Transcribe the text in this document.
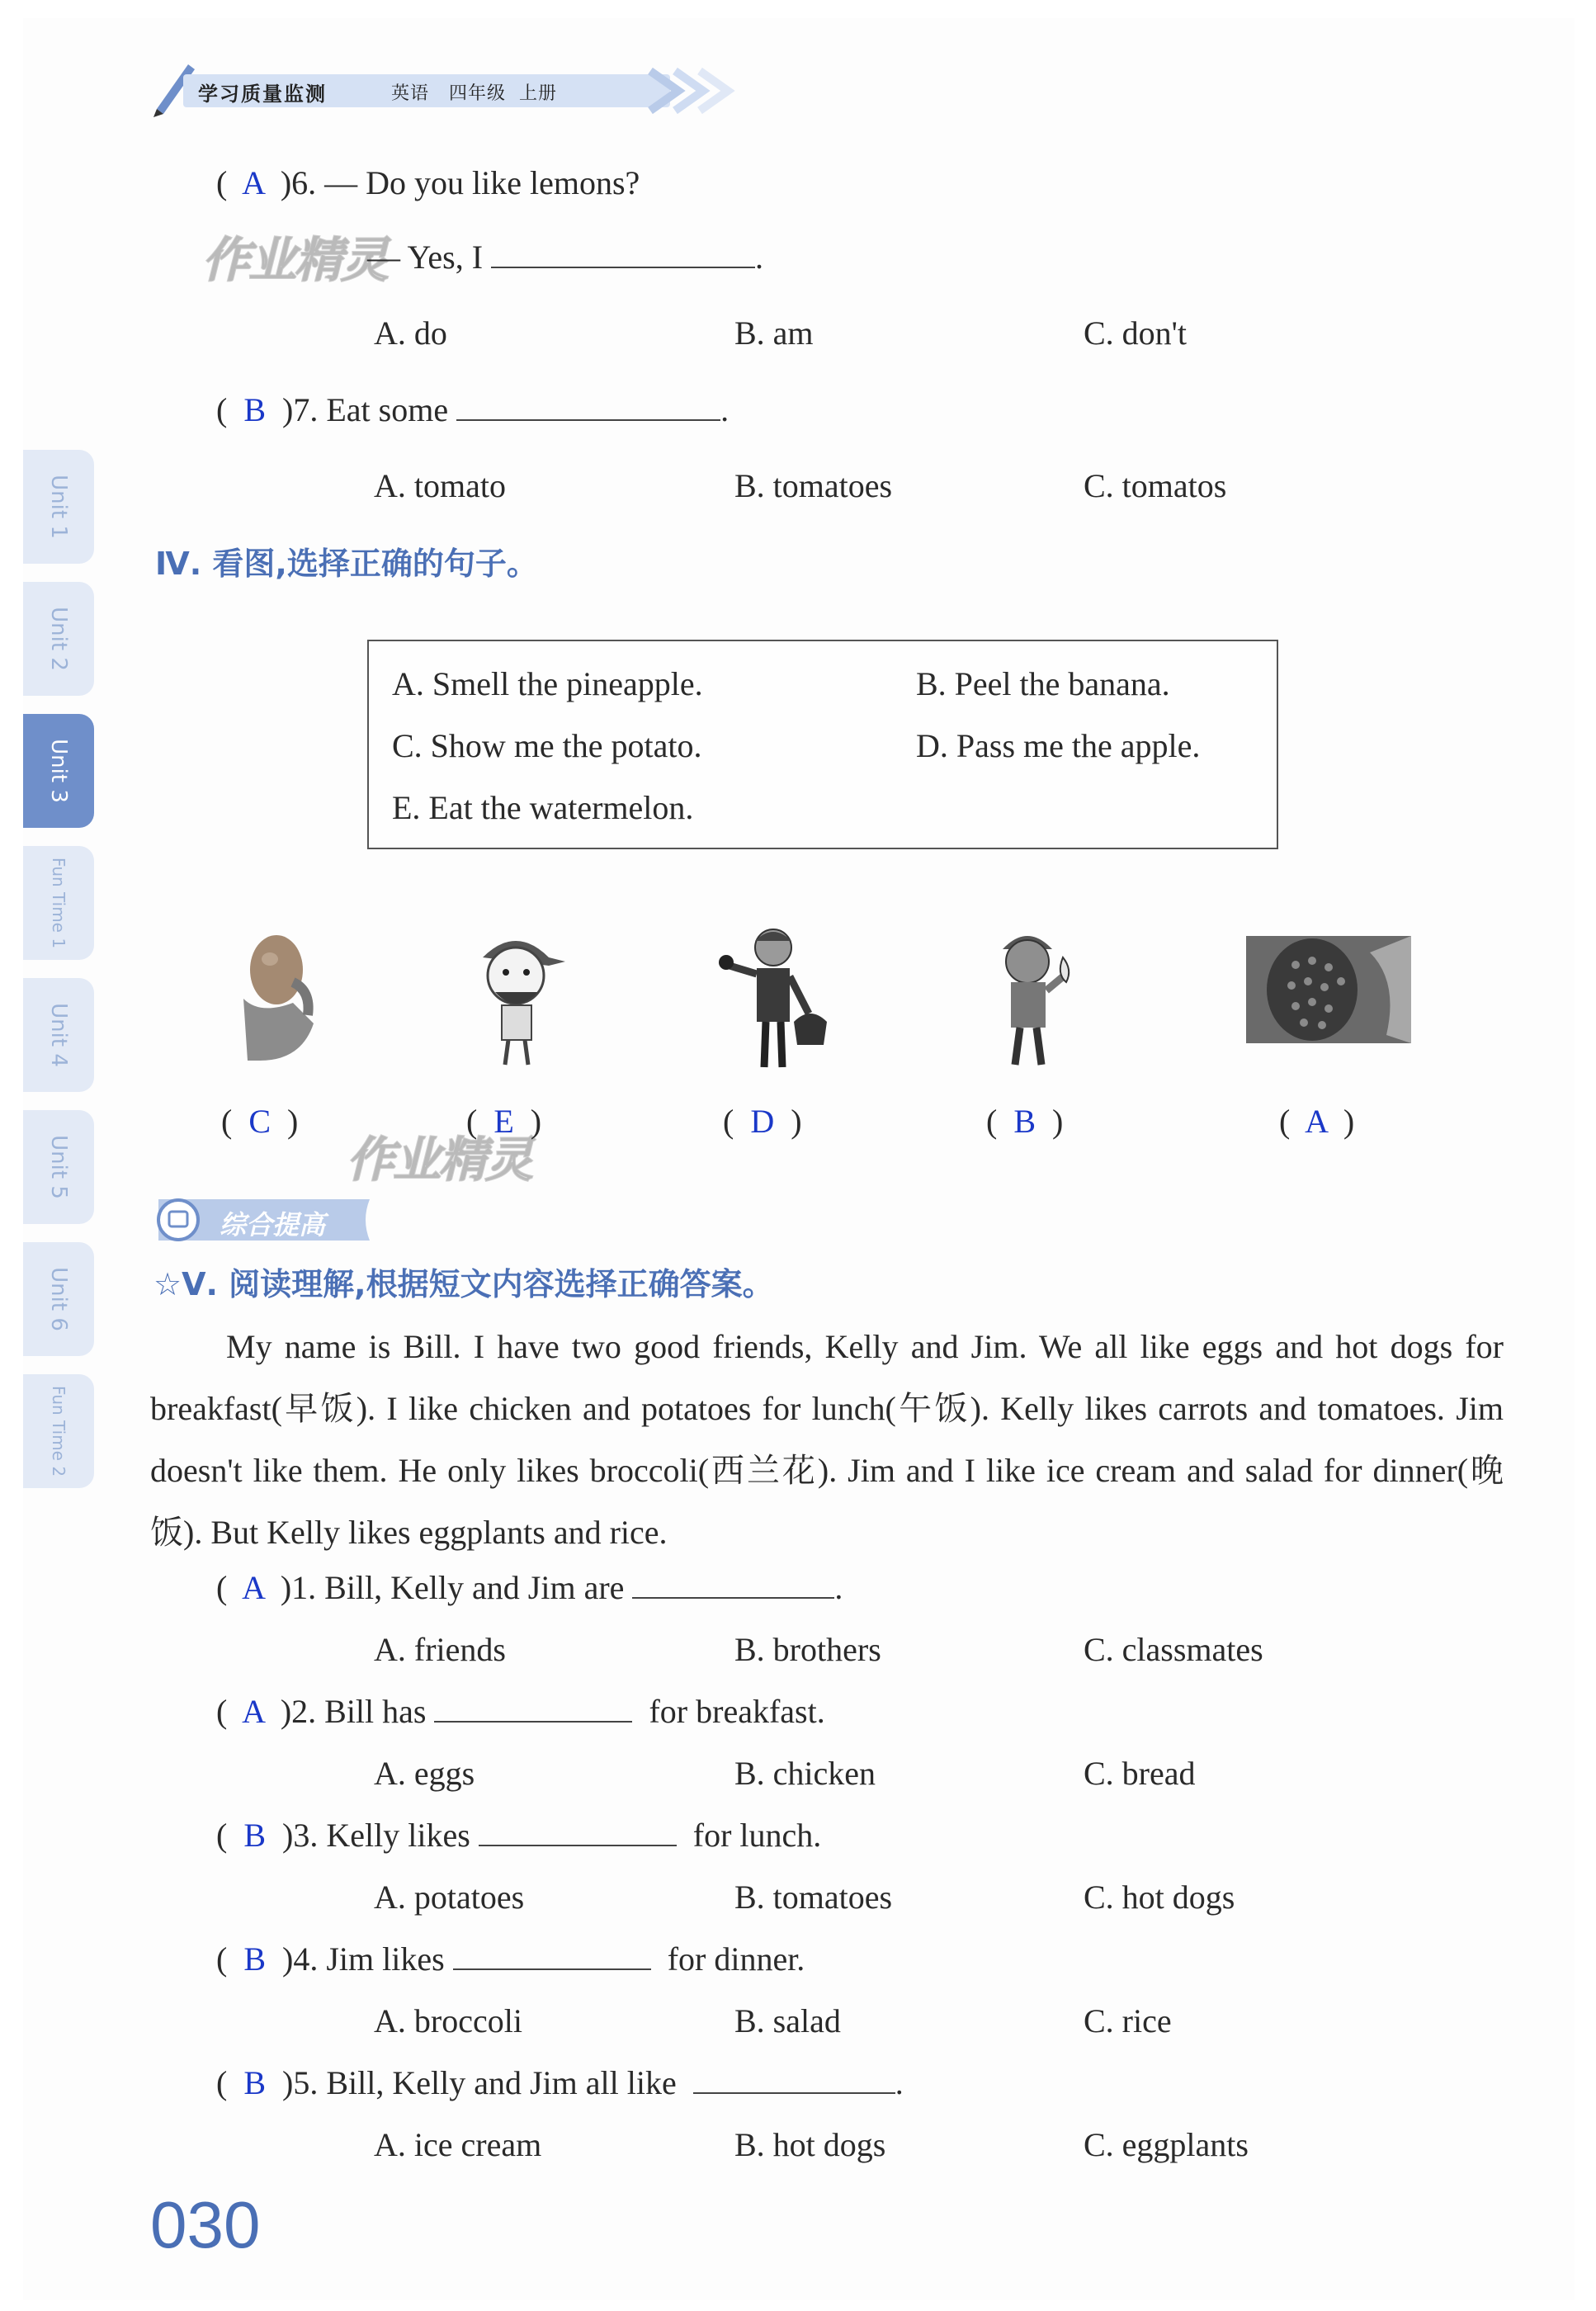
学习质量监测	英语 四年级 上册
Unit 1
Unit 2
Unit 3
Fun Time 1
Unit 4
Unit 5
Unit 6
Fun Time 2
作业精灵
作业精灵
(  A  )6. — Do you like lemons?
— Yes, I	.
A. do	B. am	C. don't
(  B  )7. Eat some	.
A. tomato	B. tomatoes	C. tomatos
Ⅳ. 看图,选择正确的句子。
A. Smell the pineapple.	B. Peel the banana.
C. Show me the potato.	D. Pass me the apple.
E. Eat the watermelon.
(  C  )	(  E  )	(  D  )	(  B  )	(  A  )
综合提高
☆Ⅴ. 阅读理解,根据短文内容选择正确答案。
My name is Bill. I have two good friends, Kelly and Jim. We all like eggs and hot dogs for breakfast(早饭). I like chicken and potatoes for lunch(午饭). Kelly likes carrots and tomatoes. Jim doesn't like them. He only likes broccoli(西兰花). Jim and I like ice cream and salad for dinner(晚饭). But Kelly likes eggplants and rice.
(  A  )1. Bill, Kelly and Jim are	.
A. friends	B. brothers	C. classmates
(  A  )2. Bill has	for breakfast.
A. eggs	B. chicken	C. bread
(  B  )3. Kelly likes	for lunch.
A. potatoes	B. tomatoes	C. hot dogs
(  B  )4. Jim likes	for dinner.
A. broccoli	B. salad	C. rice
(  B  )5. Bill, Kelly and Jim all like	.
A. ice cream	B. hot dogs	C. eggplants
030
